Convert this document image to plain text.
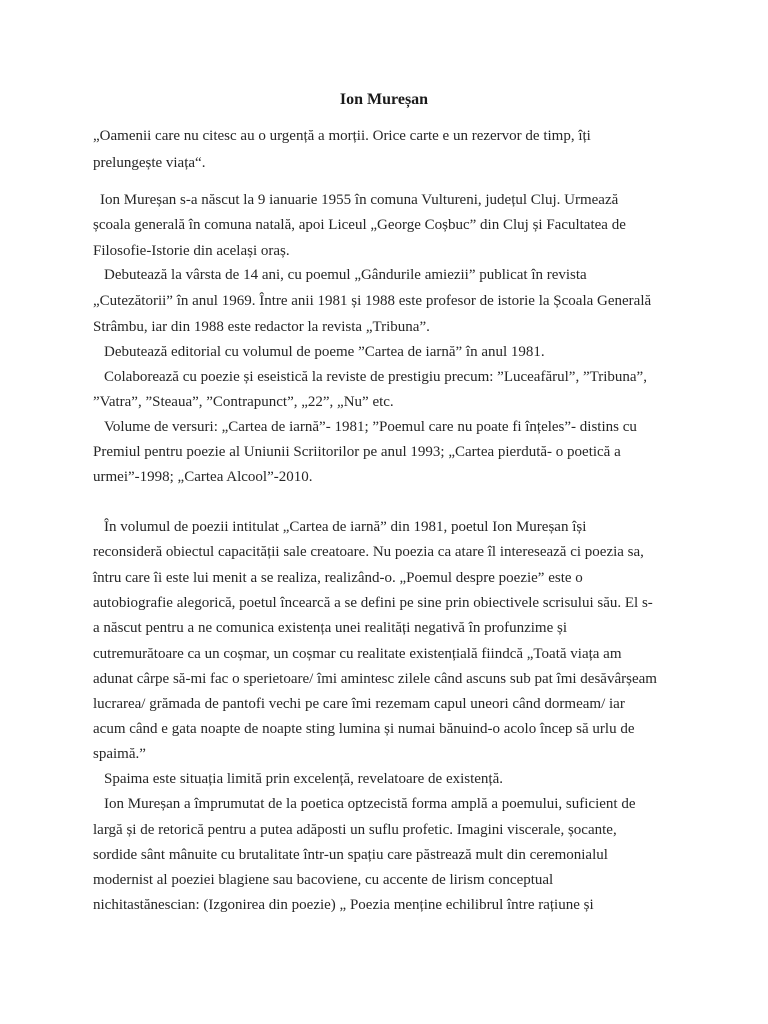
Ion Mureșan
„Oamenii care nu citesc au o urgență a morții. Orice carte e un rezervor de timp, îți
prelungește viața“.
Ion Mureșan s-a născut la 9 ianuarie 1955 în comuna Vultureni, județul Cluj. Urmează
școala generală în comuna natală, apoi Liceul „George Coșbuc” din Cluj și Facultatea de
Filosofie-Istorie din același oraș.
Debutează la vârsta de 14 ani, cu poemul „Gândurile amiezii” publicat în revista
„Cutezătorii” în anul 1969. Între anii 1981 și 1988 este profesor de istorie la Școala Generală
Strâmbu, iar din 1988 este redactor la revista „Tribuna”.
Debutează editorial cu volumul de poeme ”Cartea de iarnă” în anul 1981.
Colaborează cu poezie și eseistică la reviste de prestigiu precum: ”Luceafărul”, ”Tribuna”,
”Vatra”, ”Steaua”, ”Contrapunct”, „22”, „Nu” etc.
Volume de versuri: „Cartea de iarnă”- 1981; ”Poemul care nu poate fi înțeles”- distins cu
Premiul pentru poezie al Uniunii Scriitorilor pe anul 1993; „Cartea pierdută- o poetică a
urmei”-1998; „Cartea Alcool”-2010.
În volumul de poezii intitulat „Cartea de iarnă” din 1981, poetul Ion Mureșan își
reconsideră obiectul capacității sale creatoare. Nu poezia ca atare îl interesează ci poezia sa,
întru care îi este lui menit a se realiza, realizând-o. „Poemul despre poezie” este o
autobiografie alegorică, poetul încearcă a se defini pe sine prin obiectivele scrisului său. El s-
a născut pentru a ne comunica existența unei realități negativă în profunzime și
cutremurătoare ca un coșmar, un coșmar cu realitate existențială fiindcă „Toată viața am
adunat cârpe să-mi fac o sperietoare/ îmi amintesc zilele când ascuns sub pat îmi desăvârșeam
lucrarea/ grămada de pantofi vechi pe care îmi rezemam capul uneori când dormeam/ iar
acum când e gata noapte de noapte sting lumina și numai bănuind-o acolo încep să urlu de
spaimă.”
Spaima este situația limită prin excelență, revelatoare de existență.
Ion Mureșan a împrumutat de la poetica optzecistă forma amplă a poemului, suficient de
largă și de retorică pentru a putea adăposti un suflu profetic. Imagini viscerale, șocante,
sordide sânt mânuite cu brutalitate într-un spațiu care păstrează mult din ceremonialul
modernist al poeziei blagiene sau bacoviene, cu accente de lirism conceptual
nichitastănescian: (Izgonirea din poezie) „ Poezia menține echilibrul între rațiune și
